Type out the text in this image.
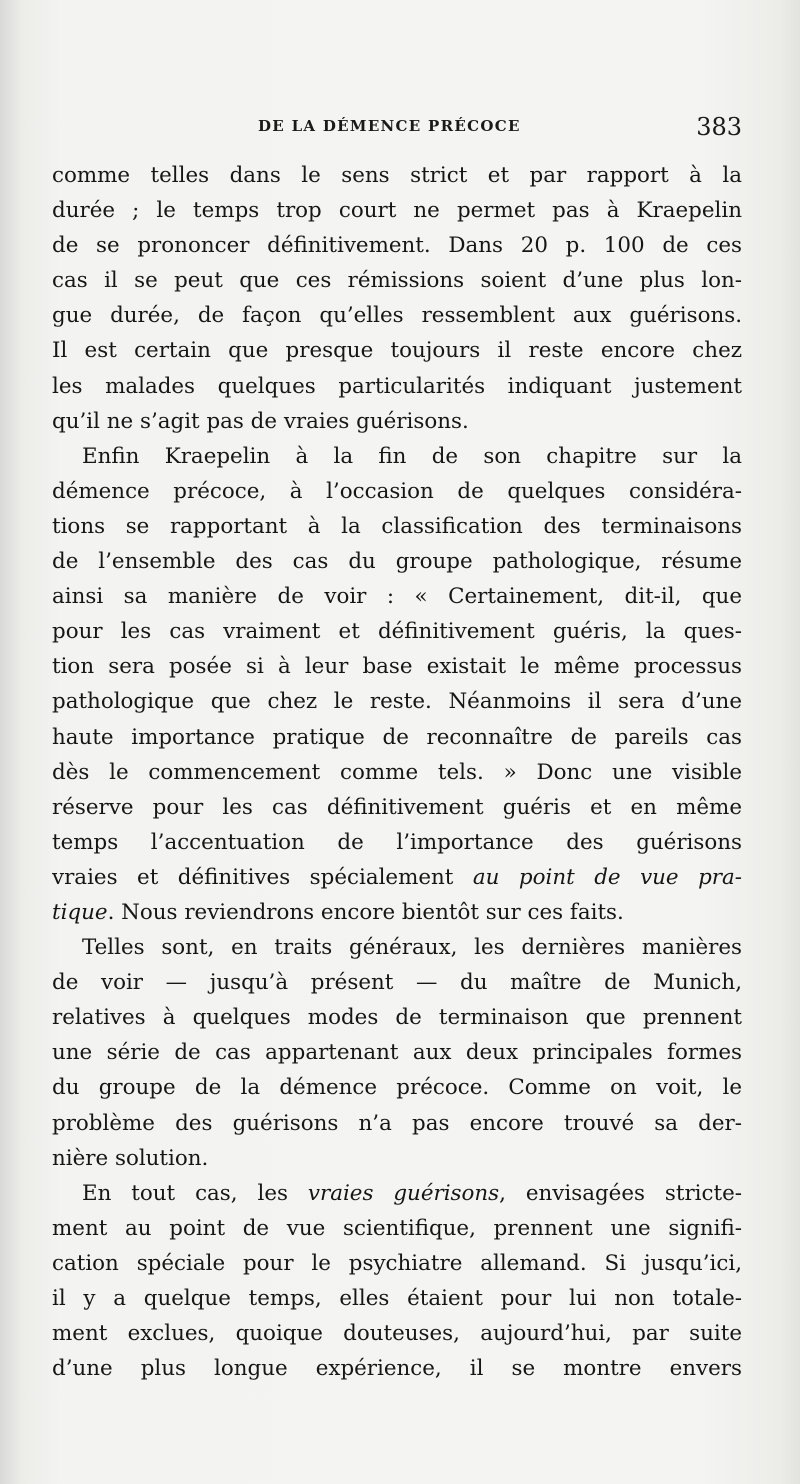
DE LA DÉMENCE PRÉCOCE	383
comme telles dans le sens strict et par rapport à la
durée ; le temps trop court ne permet pas à Kraepelin
de se prononcer définitivement. Dans 20 p. 100 de ces
cas il se peut que ces rémissions soient d’une plus lon-
gue durée, de façon qu’elles ressemblent aux guérisons.
Il est certain que presque toujours il reste encore chez
les malades quelques particularités indiquant justement
qu’il ne s’agit pas de vraies guérisons.
Enfin Kraepelin à la fin de son chapitre sur la
démence précoce, à l’occasion de quelques considéra-
tions se rapportant à la classification des terminaisons
de l’ensemble des cas du groupe pathologique, résume
ainsi sa manière de voir : « Certainement, dit-il, que
pour les cas vraiment et définitivement guéris, la ques-
tion sera posée si à leur base existait le même processus
pathologique que chez le reste. Néanmoins il sera d’une
haute importance pratique de reconnaître de pareils cas
dès le commencement comme tels. » Donc une visible
réserve pour les cas définitivement guéris et en même
temps l’accentuation de l’importance des guérisons
vraies et définitives spécialement au point de vue pra-
tique. Nous reviendrons encore bientôt sur ces faits.
Telles sont, en traits généraux, les dernières manières
de voir — jusqu’à présent — du maître de Munich,
relatives à quelques modes de terminaison que prennent
une série de cas appartenant aux deux principales formes
du groupe de la démence précoce. Comme on voit, le
problème des guérisons n’a pas encore trouvé sa der-
nière solution.
En tout cas, les vraies guérisons, envisagées stricte-
ment au point de vue scientifique, prennent une signifi-
cation spéciale pour le psychiatre allemand. Si jusqu’ici,
il y a quelque temps, elles étaient pour lui non totale-
ment exclues, quoique douteuses, aujourd’hui, par suite
d’une plus longue expérience, il se montre envers
